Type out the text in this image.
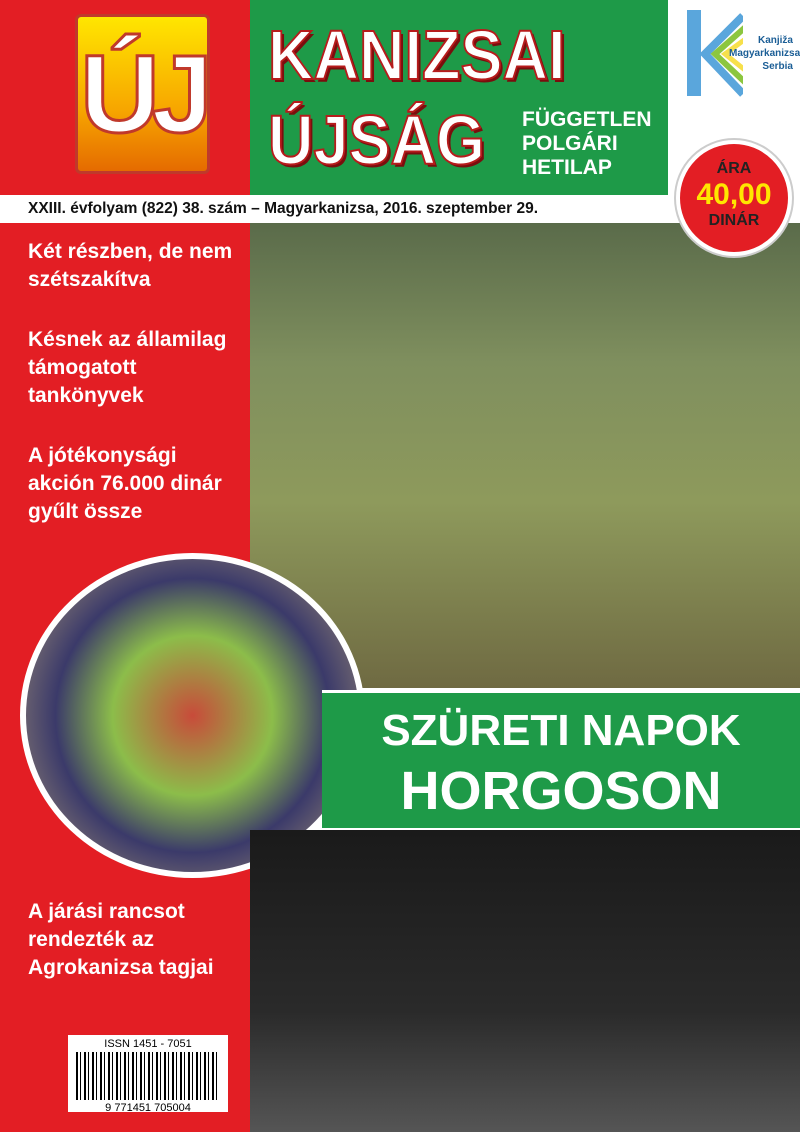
ÚJ KANIZSAI
ÚJSÁG FÜGGETLEN
POLGÁRI
HETILAP
Kanjiža
Magyarkanizsa
Serbia
XXIII. évfolyam (822) 38. szám – Magyarkanizsa, 2016. szeptember 29.
ÁRA
40,00
DINÁR
Két részben, de nem szétszakítva
Késnek az államilag támogatott tankönyvek
A jótékonysági akción 76.000 dinár gyűlt össze
SZÜRETI NAPOK
HORGOSON
A járási rancsot rendezték az Agrokanizsa tagjai
ISSN 1451 - 7051
9 771451 705004
